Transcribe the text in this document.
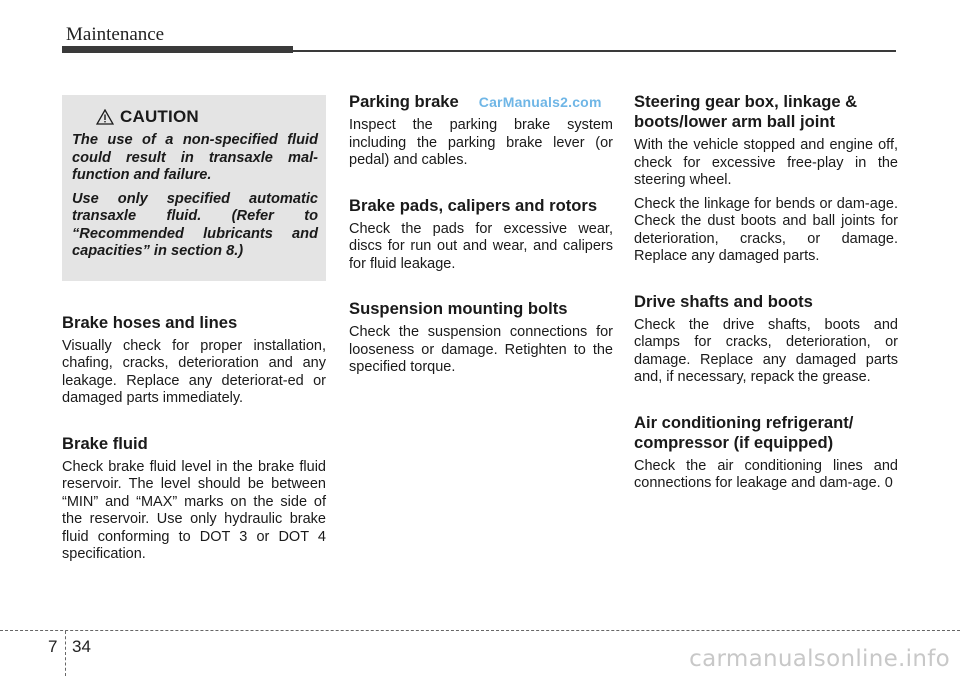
Maintenance
CAUTION

The use of a non-specified fluid could result in transaxle mal-function and failure.

Use only specified automatic transaxle fluid. (Refer to “Recommended lubricants and capacities” in section 8.)

Brake hoses and lines

Visually check for proper installation, chafing, cracks, deterioration and any leakage. Replace any deteriorat-ed or damaged parts immediately.

Brake fluid

Check brake fluid level in the brake fluid reservoir. The level should be between “MIN” and “MAX” marks on the side of the reservoir. Use only hydraulic brake fluid conforming to DOT 3 or DOT 4 specification.

Parking brake CarManuals2.com

Inspect the parking brake system including the parking brake lever (or pedal) and cables.

Brake pads, calipers and rotors

Check the pads for excessive wear, discs for run out and wear, and calipers for fluid leakage.

Suspension mounting bolts

Check the suspension connections for looseness or damage. Retighten to the specified torque.

Steering gear box, linkage & boots/lower arm ball joint

With the vehicle stopped and engine off, check for excessive free-play in the steering wheel.

Check the linkage for bends or dam-age. Check the dust boots and ball joints for deterioration, cracks, or damage. Replace any damaged parts.

Drive shafts and boots

Check the drive shafts, boots and clamps for cracks, deterioration, or damage. Replace any damaged parts and, if necessary, repack the grease.

Air conditioning refrigerant/ compressor (if equipped)

Check the air conditioning lines and connections for leakage and dam-age. 0

7 34	carmanualsonline.info
